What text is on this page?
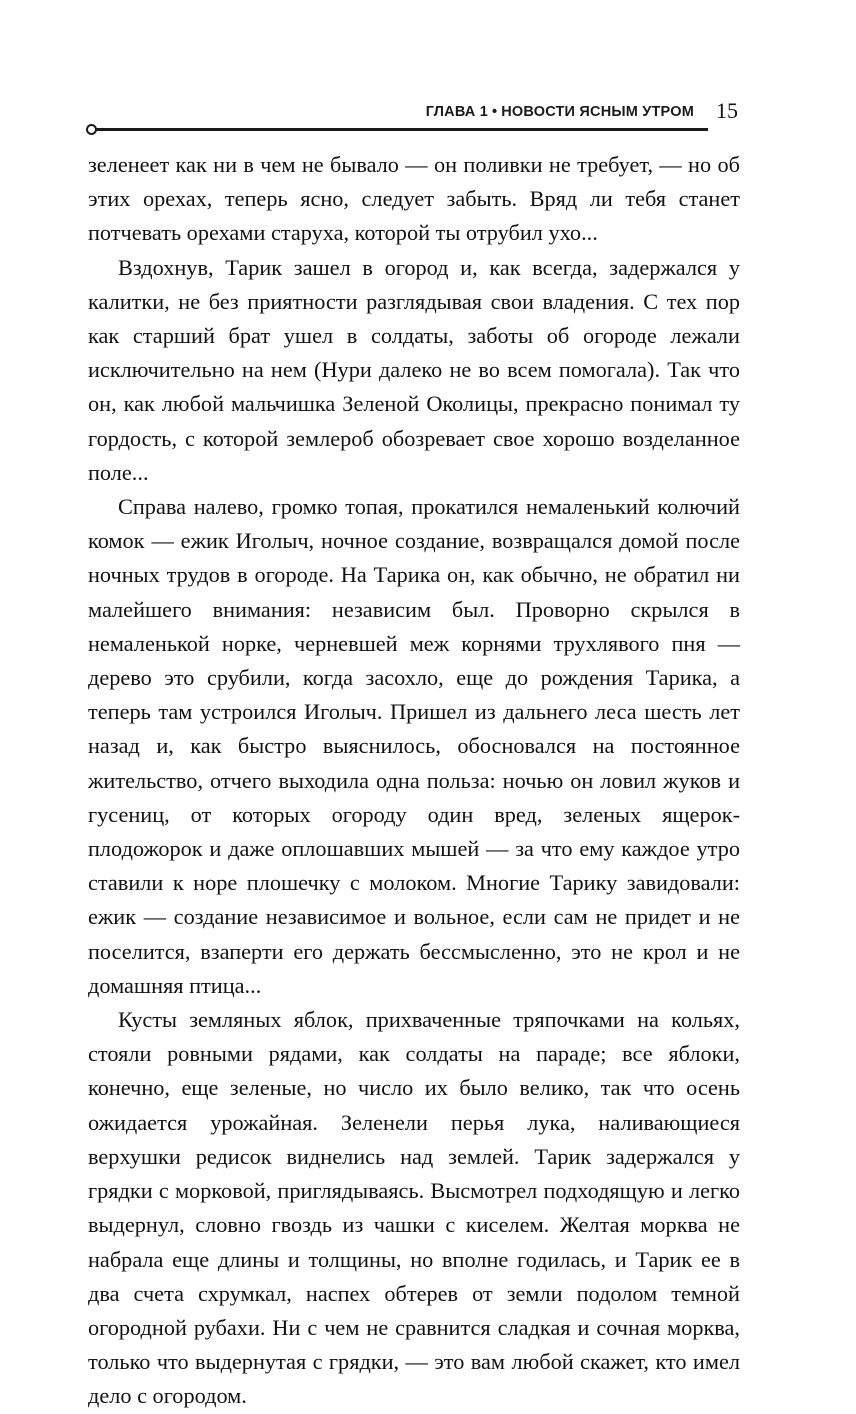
ГЛАВА 1 • НОВОСТИ ЯСНЫМ УТРОМ 15

зеленеет как ни в чем не бывало — он поливки не требует, — но об этих орехах, теперь ясно, следует забыть. Вряд ли тебя станет потчевать орехами старуха, которой ты отрубил ухо...

Вздохнув, Тарик зашел в огород и, как всегда, задержался у калитки, не без приятности разглядывая свои владения. С тех пор как старший брат ушел в солдаты, заботы об огороде лежали исключительно на нем (Нури далеко не во всем помогала). Так что он, как любой мальчишка Зеленой Околицы, прекрасно понимал ту гордость, с которой землероб обозревает свое хорошо возделанное поле...

Справа налево, громко топая, прокатился немаленький колючий комок — ежик Иголыч, ночное создание, возвращался домой после ночных трудов в огороде. На Тарика он, как обычно, не обратил ни малейшего внимания: независим был. Проворно скрылся в немаленькой норке, черневшей меж корнями трухлявого пня — дерево это срубили, когда засохло, еще до рождения Тарика, а теперь там устроился Иголыч. Пришел из дальнего леса шесть лет назад и, как быстро выяснилось, обосновался на постоянное жительство, отчего выходила одна польза: ночью он ловил жуков и гусениц, от которых огороду один вред, зеленых ящерок-плодожорок и даже оплошавших мышей — за что ему каждое утро ставили к норе плошечку с молоком. Многие Тарику завидовали: ежик — создание независимое и вольное, если сам не придет и не поселится, взаперти его держать бессмысленно, это не крол и не домашняя птица...

Кусты земляных яблок, прихваченные тряпочками на кольях, стояли ровными рядами, как солдаты на параде; все яблоки, конечно, еще зеленые, но число их было велико, так что осень ожидается урожайная. Зеленели перья лука, наливающиеся верхушки редисок виднелись над землей. Тарик задержался у грядки с морковой, приглядываясь. Высмотрел подходящую и легко выдернул, словно гвоздь из чашки с киселем. Желтая морква не набрала еще длины и толщины, но вполне годилась, и Тарик ее в два счета схрумкал, наспех обтерев от земли подолом темной огородной рубахи. Ни с чем не сравнится сладкая и сочная морква, только что выдернутая с грядки, — это вам любой скажет, кто имел дело с огородом.
